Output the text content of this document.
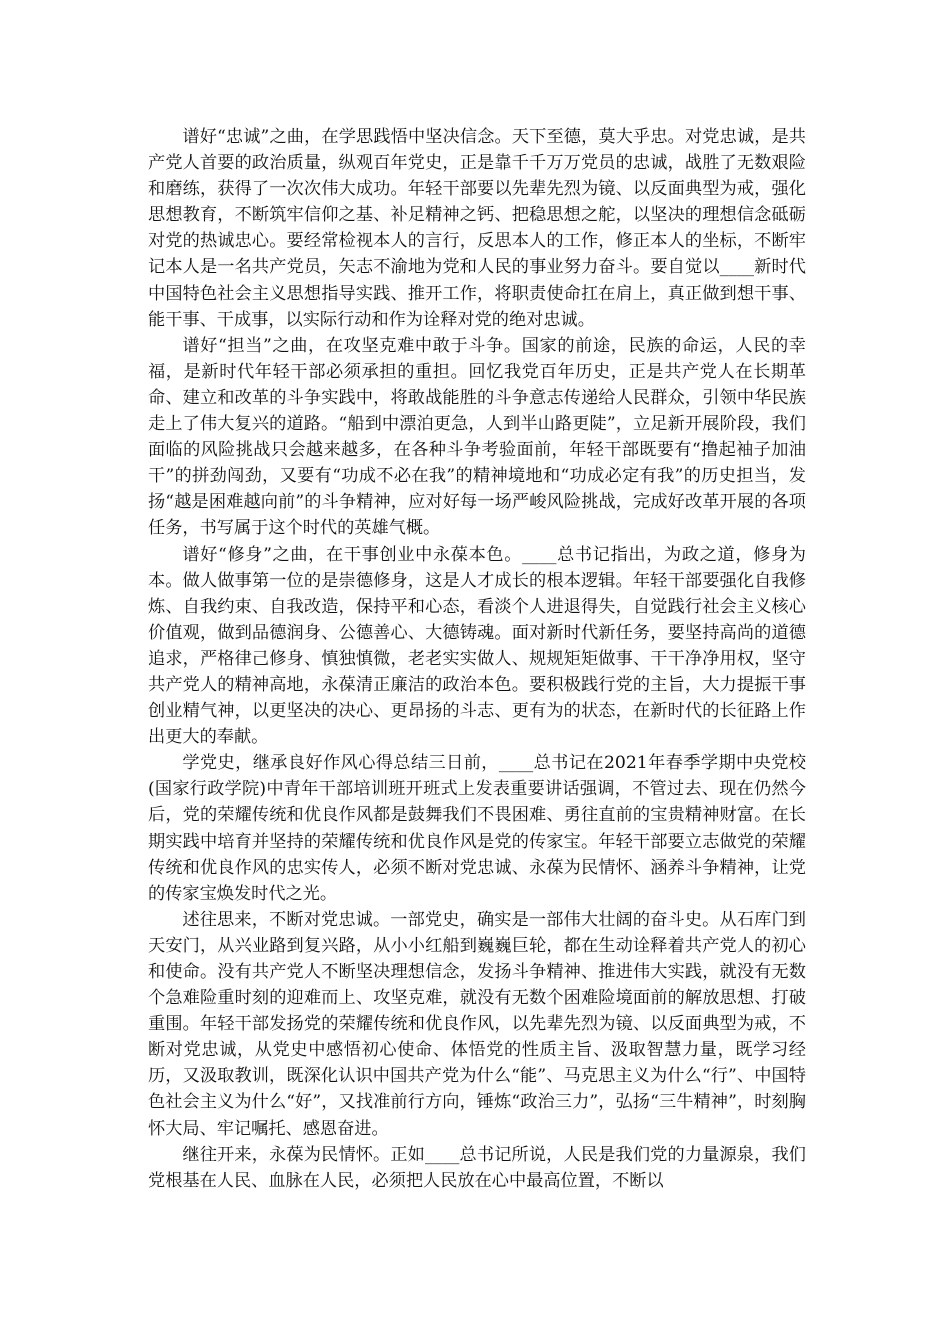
谱好“忠诚”之曲，在学思践悟中坚决信念。天下至德，莫大乎忠。对党忠诚，是共产党人首要的政治质量，纵观百年党史，正是靠千千万万党员的忠诚，战胜了无数艰险和磨练，获得了一次次伟大成功。年轻干部要以先辈先烈为镜、以反面典型为戒，强化思想教育，不断筑牢信仰之基、补足精神之钙、把稳思想之舵，以坚决的理想信念砥砺对党的热诚忠心。要经常检视本人的言行，反思本人的工作，修正本人的坐标，不断牢记本人是一名共产党员，矢志不渝地为党和人民的事业努力奋斗。要自觉以____新时代中国特色社会主义思想指导实践、推开工作，将职责使命扛在肩上，真正做到想干事、能干事、干成事，以实际行动和作为诠释对党的绝对忠诚。

谱好“担当”之曲，在攻坚克难中敢于斗争。国家的前途，民族的命运，人民的幸福，是新时代年轻干部必须承担的重担。回忆我党百年历史，正是共产党人在长期革命、建立和改革的斗争实践中，将敢战能胜的斗争意志传递给人民群众，引领中华民族走上了伟大复兴的道路。“船到中漂泊更急，人到半山路更陡”，立足新开展阶段，我们面临的风险挑战只会越来越多，在各种斗争考验面前，年轻干部既要有“撸起袖子加油干”的拼劲闯劲，又要有“功成不必在我”的精神境地和“功成必定有我”的历史担当，发扬“越是困难越向前”的斗争精神，应对好每一场严峻风险挑战，完成好改革开展的各项任务，书写属于这个时代的英雄气概。

谱好“修身”之曲，在干事创业中永葆本色。____总书记指出，为政之道，修身为本。做人做事第一位的是崇德修身，这是人才成长的根本逻辑。年轻干部要强化自我修炼、自我约束、自我改造，保持平和心态，看淡个人进退得失，自觉践行社会主义核心价值观，做到品德润身、公德善心、大德铸魂。面对新时代新任务，要坚持高尚的道德追求，严格律己修身、慎独慎微，老老实实做人、规规矩矩做事、干干净净用权，坚守共产党人的精神高地，永葆清正廉洁的政治本色。要积极践行党的主旨，大力提振干事创业精气神，以更坚决的决心、更昂扬的斗志、更有为的状态，在新时代的长征路上作出更大的奉献。

学党史，继承良好作风心得总结三日前，____总书记在2021年春季学期中央党校(国家行政学院)中青年干部培训班开班式上发表重要讲话强调，不管过去、现在仍然今后，党的荣耀传统和优良作风都是鼓舞我们不畏困难、勇往直前的宝贵精神财富。在长期实践中培育并坚持的荣耀传统和优良作风是党的传家宝。年轻干部要立志做党的荣耀传统和优良作风的忠实传人，必须不断对党忠诚、永葆为民情怀、涵养斗争精神，让党的传家宝焕发时代之光。

述往思来，不断对党忠诚。一部党史，确实是一部伟大壮阔的奋斗史。从石库门到天安门，从兴业路到复兴路，从小小红船到巍巍巨轮，都在生动诠释着共产党人的初心和使命。没有共产党人不断坚决理想信念，发扬斗争精神、推进伟大实践，就没有无数个急难险重时刻的迎难而上、攻坚克难，就没有无数个困难险境面前的解放思想、打破重围。年轻干部发扬党的荣耀传统和优良作风，以先辈先烈为镜、以反面典型为戒，不断对党忠诚，从党史中感悟初心使命、体悟党的性质主旨、汲取智慧力量，既学习经历，又汲取教训，既深化认识中国共产党为什么“能”、马克思主义为什么“行”、中国特色社会主义为什么“好”，又找准前行方向，锤炼“政治三力”，弘扬“三牛精神”，时刻胸怀大局、牢记嘱托、感恩奋进。

继往开来，永葆为民情怀。正如____总书记所说，人民是我们党的力量源泉，我们党根基在人民、血脉在人民，必须把人民放在心中最高位置，不断以
